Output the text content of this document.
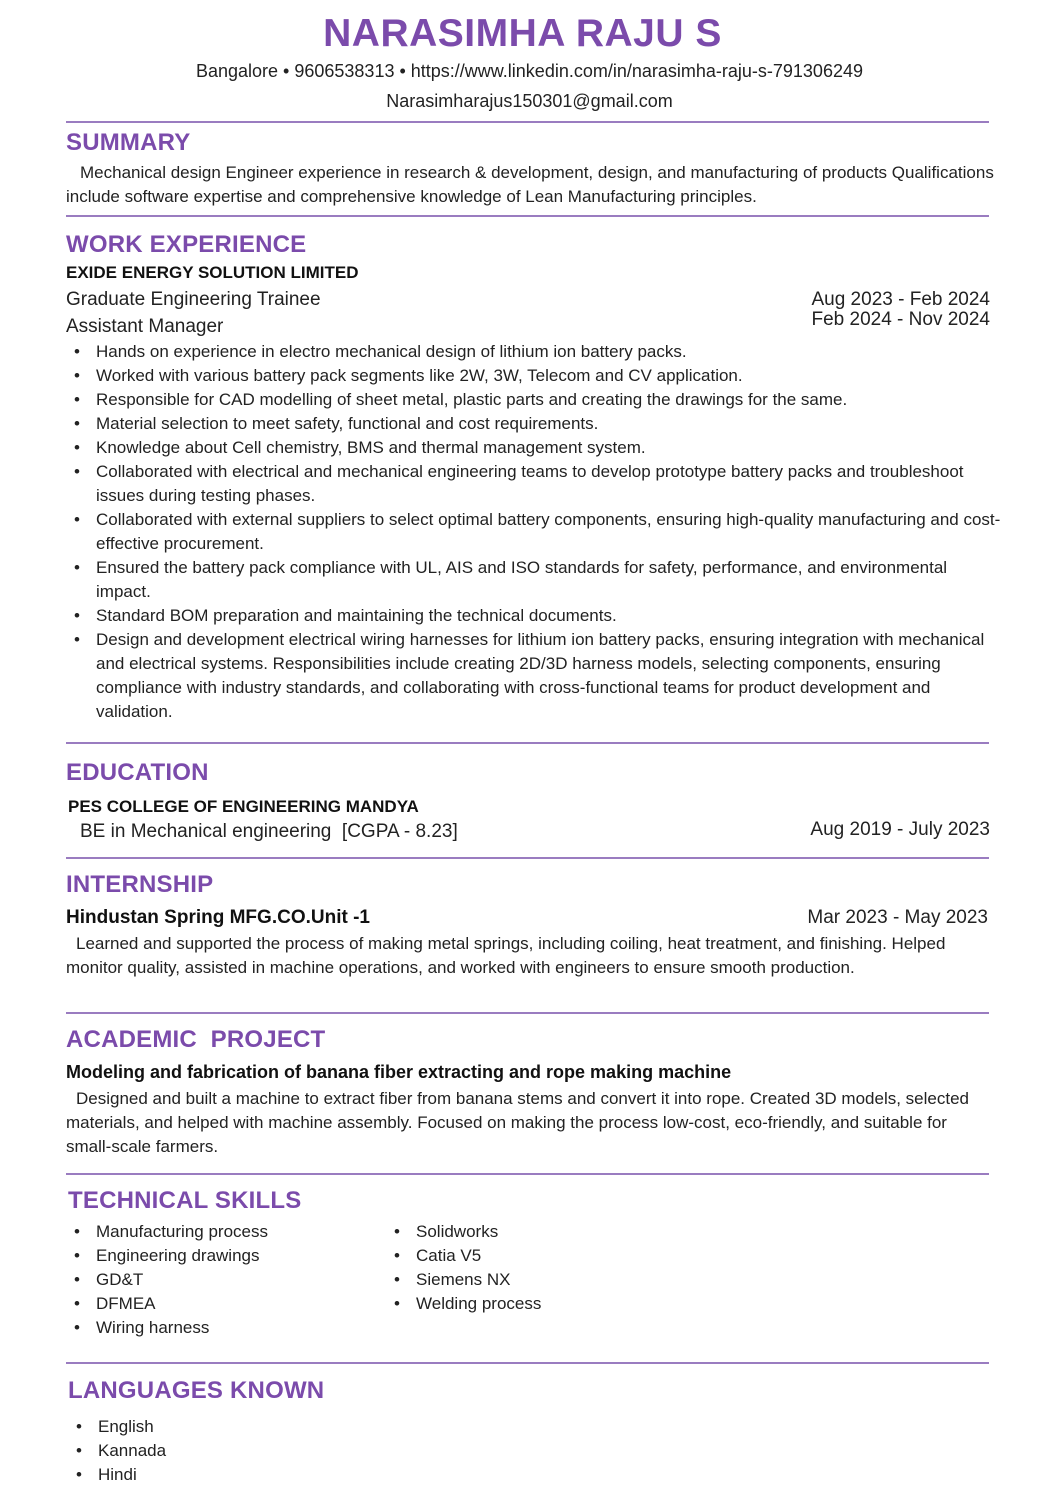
NARASIMHA RAJU S
Bangalore • 9606538313 • https://www.linkedin.com/in/narasimha-raju-s-791306249
Narasimharajus150301@gmail.com
SUMMARY
Mechanical design Engineer experience in research & development, design, and manufacturing of products Qualifications include software expertise and comprehensive knowledge of Lean Manufacturing principles.
WORK EXPERIENCE
EXIDE ENERGY SOLUTION LIMITED
Graduate Engineering Trainee	Aug 2023 - Feb 2024
Assistant Manager	Feb 2024 - Nov 2024
• Hands on experience in electro mechanical design of lithium ion battery packs.
• Worked with various battery pack segments like 2W, 3W, Telecom and CV application.
• Responsible for CAD modelling of sheet metal, plastic parts and creating the drawings for the same.
• Material selection to meet safety, functional and cost requirements.
• Knowledge about Cell chemistry, BMS and thermal management system.
• Collaborated with electrical and mechanical engineering teams to develop prototype battery packs and troubleshoot issues during testing phases.
• Collaborated with external suppliers to select optimal battery components, ensuring high-quality manufacturing and cost-effective procurement.
• Ensured the battery pack compliance with UL, AIS and ISO standards for safety, performance, and environmental impact.
• Standard BOM preparation and maintaining the technical documents.
• Design and development electrical wiring harnesses for lithium ion battery packs, ensuring integration with mechanical and electrical systems. Responsibilities include creating 2D/3D harness models, selecting components, ensuring compliance with industry standards, and collaborating with cross-functional teams for product development and validation.
EDUCATION
PES COLLEGE OF ENGINEERING MANDYA
BE in Mechanical engineering  [CGPA - 8.23]	Aug 2019 - July 2023
INTERNSHIP
Hindustan Spring MFG.CO.Unit -1	Mar 2023 - May 2023
Learned and supported the process of making metal springs, including coiling, heat treatment, and finishing. Helped monitor quality, assisted in machine operations, and worked with engineers to ensure smooth production.
ACADEMIC  PROJECT
Modeling and fabrication of banana fiber extracting and rope making machine
Designed and built a machine to extract fiber from banana stems and convert it into rope. Created 3D models, selected materials, and helped with machine assembly. Focused on making the process low-cost, eco-friendly, and suitable for small-scale farmers.
TECHNICAL SKILLS
• Manufacturing process
• Engineering drawings
• GD&T
• DFMEA
• Wiring harness
• Solidworks
• Catia V5
• Siemens NX
• Welding process
LANGUAGES KNOWN
• English
• Kannada
• Hindi
